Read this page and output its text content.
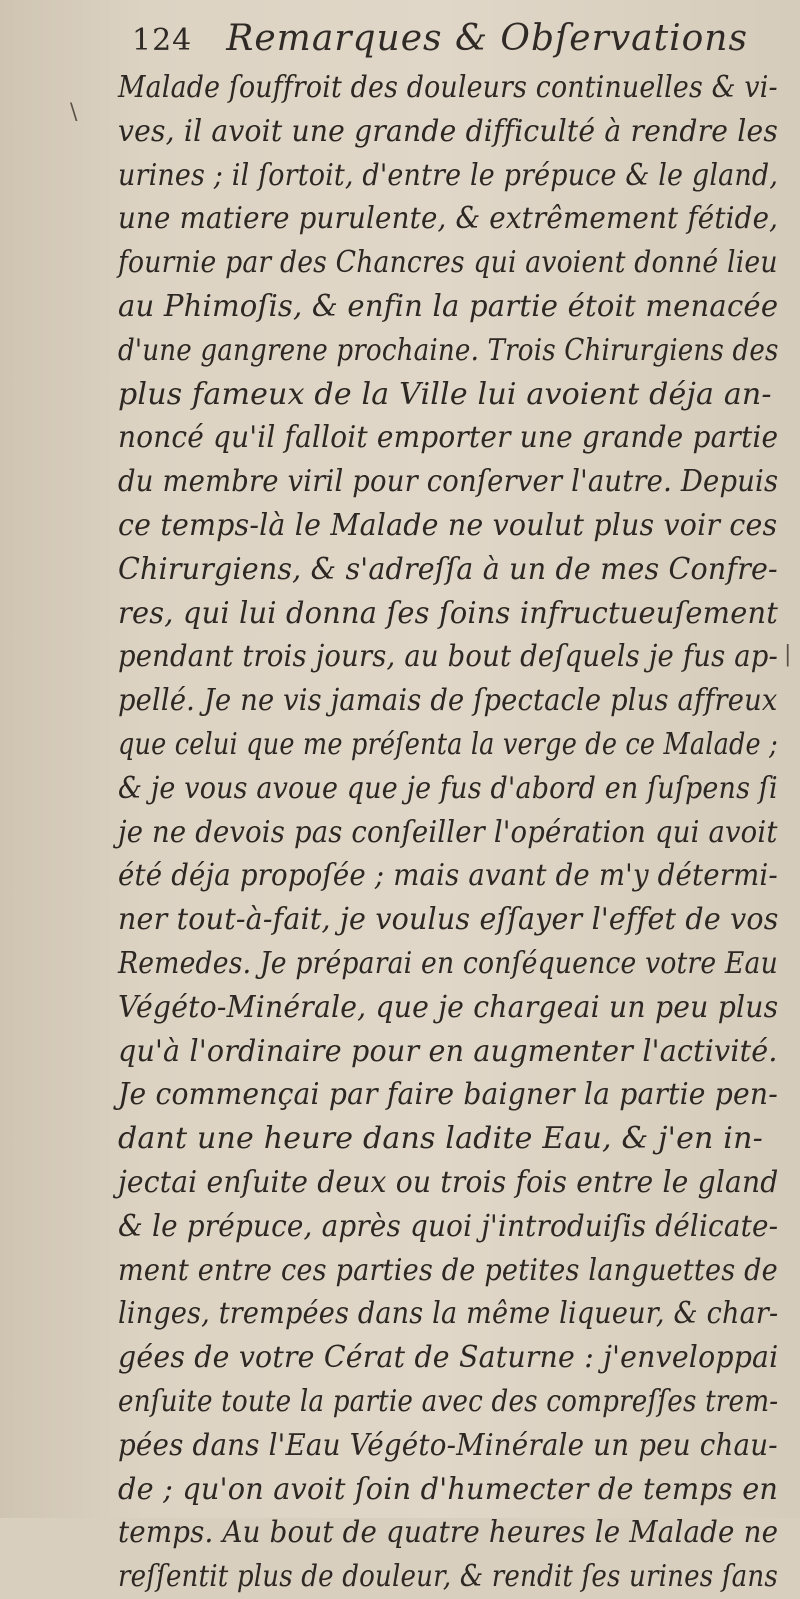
124 Remarques & Obſervations
Malade ſouffroit des douleurs continuelles & vi-
ves, il avoit une grande difficulté à rendre les
urines ; il ſortoit, d'entre le prépuce & le gland,
une matiere purulente, & extrêmement fétide,
fournie par des Chancres qui avoient donné lieu
au Phimoſis, & enfin la partie étoit menacée
d'une gangrene prochaine. Trois Chirurgiens des
plus fameux de la Ville lui avoient déja an-
noncé qu'il falloit emporter une grande partie
du membre viril pour conſerver l'autre. Depuis
ce temps-là le Malade ne voulut plus voir ces
Chirurgiens, & s'adreſſa à un de mes Confre-
res, qui lui donna ſes ſoins infructueuſement
pendant trois jours, au bout deſquels je fus ap-
pellé. Je ne vis jamais de ſpectacle plus affreux
que celui que me préſenta la verge de ce Malade ;
& je vous avoue que je fus d'abord en ſuſpens ſi
je ne devois pas conſeiller l'opération qui avoit
été déja propoſée ; mais avant de m'y détermi-
ner tout-à-fait, je voulus eſſayer l'effet de vos
Remedes. Je préparai en conſéquence votre Eau
Végéto-Minérale, que je chargeai un peu plus
qu'à l'ordinaire pour en augmenter l'activité.
Je commençai par faire baigner la partie pen-
dant une heure dans ladite Eau, & j'en in-
jectai enſuite deux ou trois fois entre le gland
& le prépuce, après quoi j'introduiſis délicate-
ment entre ces parties de petites languettes de
linges, trempées dans la même liqueur, & char-
gées de votre Cérat de Saturne : j'enveloppai
enſuite toute la partie avec des compreſſes trem-
pées dans l'Eau Végéto-Minérale un peu chau-
de ; qu'on avoit ſoin d'humecter de temps en
temps. Au bout de quatre heures le Malade ne
reſſentit plus de douleur, & rendit ſes urines ſans
\
|
